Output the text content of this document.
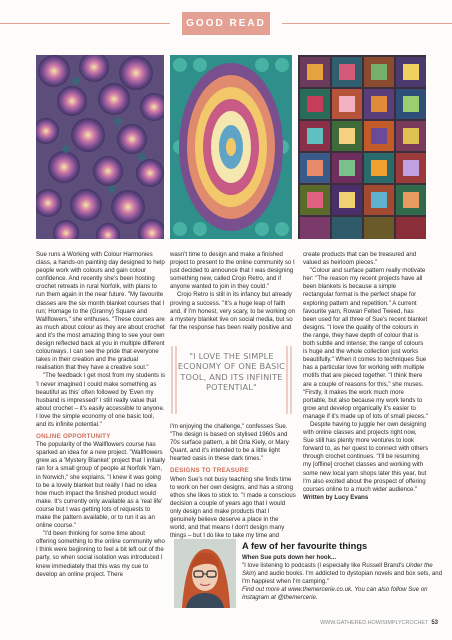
GOOD READ

Sue runs a Working with Colour Harmonies class, a hands-on painting day designed to help people work with colours and gain colour confidence. And recently she's been hosting crochet retreats in rural Norfolk, with plans to run them again in the near future. "My favourite classes are the six month blanket courses that I run; Homage to the (Granny) Square and Wallflowers," she enthuses. "These courses are as much about colour as they are about crochet and it's the most amazing thing to see your own design reflected back at you in multiple different colourways. I can see the pride that everyone takes in their creation and the gradual realisation that they have a creative soul."

"The feedback I get most from my students is 'I never imagined I could make something as beautiful as this' often followed by 'Even my husband is impressed!' I still really value that about crochet – it's easily accessible to anyone. I love the simple economy of one basic tool, and its infinite potential."

ONLINE OPPORTUNITY

The popularity of the Wallflowers course has sparked an idea for a new project. "Wallflowers grew as a 'Mystery Blanket' project that I initially ran for a small group of people at Norfolk Yarn, in Norwich," she explains. "I knew it was going to be a lovely blanket but really I had no idea how much impact the finished product would make. It's currently only available as a 'real life' course but I was getting lots of requests to make the pattern available, or to run it as an online course."

"I'd been thinking for some time about offering something to the online community who I think were beginning to feel a bit left out of the party, so when social isolation was introduced I knew immediately that this was my cue to develop an online project. There

wasn't time to design and make a finished project to present to the online community so I just decided to announce that I was designing something new, called Crojo Retro, and if anyone wanted to join in they could."

Crojo Retro is still in its infancy but already proving a success. "It's a huge leap of faith and, if I'm honest, very scary, to be working on a mystery blanket live on social media, but so far the response has been really positive and

"I LOVE THE SIMPLE ECONOMY OF ONE BASIC TOOL, AND ITS INFINITE POTENTIAL"

I'm enjoying the challenge," confesses Sue. "The design is based on stylised 1960s and 70s surface pattern, a bit Orla Kiely, or Mary Quant, and it's intended to be a little light hearted oasis in these dark times."

DESIGNS TO TREASURE

When Sue's not busy teaching she finds time to work on her own designs, and has a strong ethos she likes to stick to. "I made a conscious decision a couple of years ago that I would only design and make products that I genuinely believe deserve a place in the world, and that means I don't design many things – but I do like to take my time and

create products that can be treasured and valued as heirloom pieces."

"Colour and surface pattern really motivate her: "The reason my recent projects have all been blankets is because a simple rectangular format is the perfect shape for exploring pattern and repetition." A current favourite yarn, Rowan Felted Tweed, has been used for all three of Sue's recent blanket designs. "I love the quality of the colours in the range, they have depth of colour that is both subtle and intense; the range of colours is huge and the whole collection just works beautifully." When it comes to techniques Sue has a particular love for working with multiple motifs that are pieced together. "I think there are a couple of reasons for this," she muses. "Firstly, it makes the work much more portable, but also because my work tends to grow and develop organically it's easier to manage if it's made up of lots of small pieces."

Despite having to juggle her own designing with online classes and projects right now, Sue still has plenty more ventures to look forward to, as her quest to connect with others through crochet continues. "I'll be resuming my [offline] crochet classes and working with some new local yarn shops later this year, but I'm also excited about the prospect of offering courses online to a much wider audience."

Written by Lucy Evans

A few of her favourite things
When Sue puts down her hook...
"I love listening to podcasts (I especially like Russell Brand's Under the Skin) and audio books. I'm addicted to dystopian novels and box sets, and I'm happiest when I'm camping."
Find out more at www.themercerie.co.uk. You can also follow Sue on Instagram at @themercerie.
WWW.GATHERED.HOW/SIMPLYCROCHET 53
